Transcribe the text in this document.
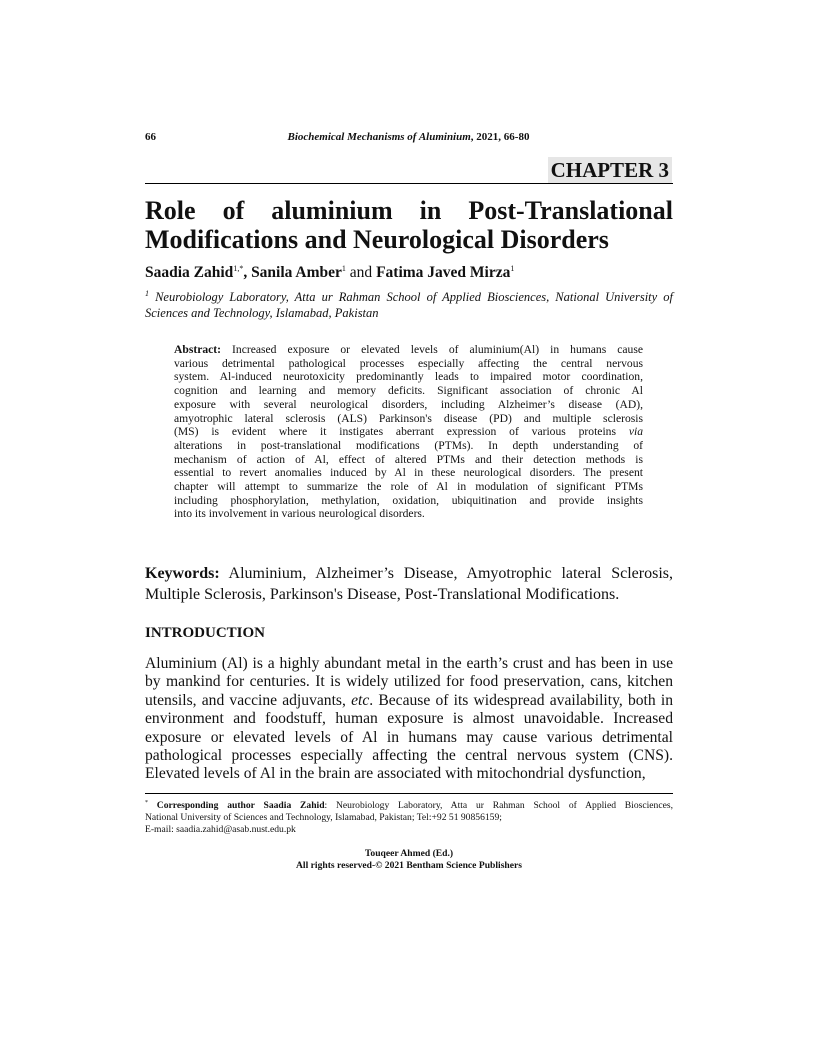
66	Biochemical Mechanisms of Aluminium, 2021, 66-80
CHAPTER 3
Role of aluminium in Post-Translational
Modifications and Neurological Disorders
Saadia Zahid$^{1,*}$, Sanila Amber$^1$ and Fatima Javed Mirza$^1$
$^1$ Neurobiology Laboratory, Atta ur Rahman School of Applied Biosciences, National University of
Sciences and Technology, Islamabad, Pakistan
Abstract: Increased exposure or elevated levels of aluminium(Al) in humans cause
various detrimental pathological processes especially affecting the central nervous
system. Al-induced neurotoxicity predominantly leads to impaired motor coordination,
cognition and learning and memory deficits. Significant association of chronic Al
exposure with several neurological disorders, including Alzheimer’s disease (AD),
amyotrophic lateral sclerosis (ALS) Parkinson's disease (PD) and multiple sclerosis
(MS) is evident where it instigates aberrant expression of various proteins via
alterations in post-translational modifications (PTMs). In depth understanding of
mechanism of action of Al, effect of altered PTMs and their detection methods is
essential to revert anomalies induced by Al in these neurological disorders. The present
chapter will attempt to summarize the role of Al in modulation of significant PTMs
including phosphorylation, methylation, oxidation, ubiquitination and provide insights
into its involvement in various neurological disorders.
Keywords: Aluminium, Alzheimer’s Disease, Amyotrophic lateral Sclerosis,
Multiple Sclerosis, Parkinson's Disease, Post-Translational Modifications.
INTRODUCTION
Aluminium (Al) is a highly abundant metal in the earth’s crust and has been in use
by mankind for centuries. It is widely utilized for food preservation, cans, kitchen
utensils, and vaccine adjuvants, etc. Because of its widespread availability, both in
environment and foodstuff, human exposure is almost unavoidable. Increased
exposure or elevated levels of Al in humans may cause various detrimental
pathological processes especially affecting the central nervous system (CNS).
Elevated levels of Al in the brain are associated with mitochondrial dysfunction,
* Corresponding author Saadia Zahid: Neurobiology Laboratory, Atta ur Rahman School of Applied Biosciences,
National University of Sciences and Technology, Islamabad, Pakistan; Tel:+92 51 90856159;
E-mail: saadia.zahid@asab.nust.edu.pk
Touqeer Ahmed (Ed.)
All rights reserved-© 2021 Bentham Science Publishers
